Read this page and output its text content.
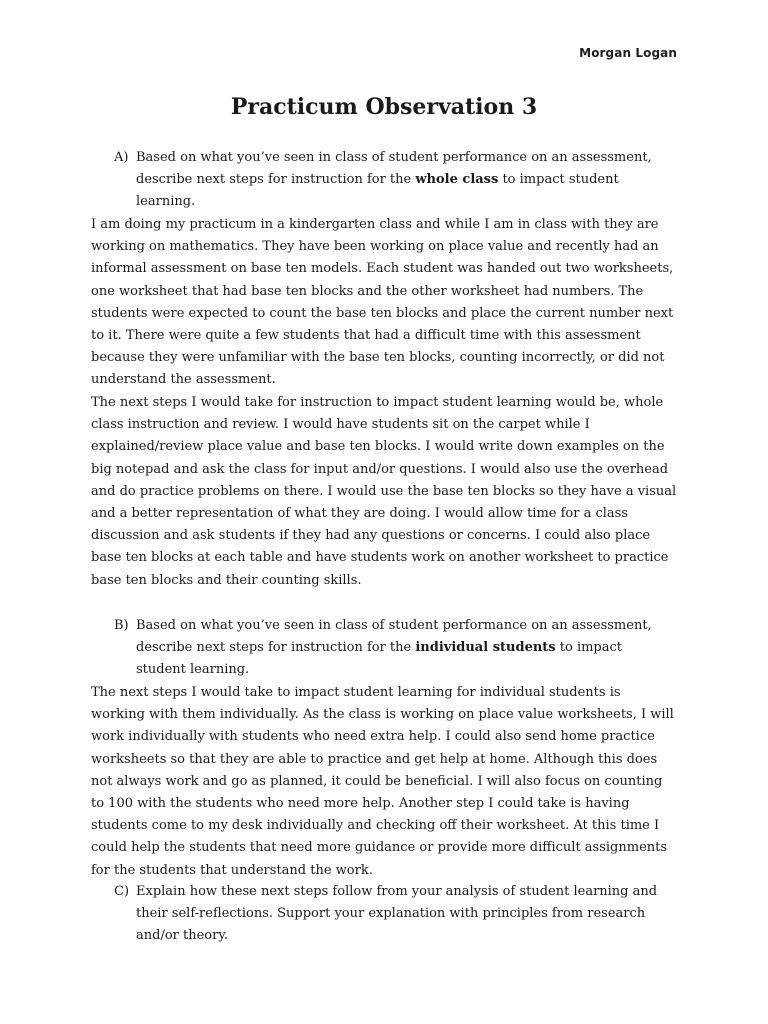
Morgan Logan
Practicum Observation 3
A) Based on what you’ve seen in class of student performance on an assessment, describe next steps for instruction for the whole class to impact student learning.

I am doing my practicum in a kindergarten class and while I am in class with they are working on mathematics. They have been working on place value and recently had an informal assessment on base ten models. Each student was handed out two worksheets, one worksheet that had base ten blocks and the other worksheet had numbers. The students were expected to count the base ten blocks and place the current number next to it. There were quite a few students that had a difficult time with this assessment because they were unfamiliar with the base ten blocks, counting incorrectly, or did not understand the assessment.

The next steps I would take for instruction to impact student learning would be, whole class instruction and review. I would have students sit on the carpet while I explained/review place value and base ten blocks. I would write down examples on the big notepad and ask the class for input and/or questions. I would also use the overhead and do practice problems on there. I would use the base ten blocks so they have a visual and a better representation of what they are doing. I would allow time for a class discussion and ask students if they had any questions or concerns. I could also place base ten blocks at each table and have students work on another worksheet to practice base ten blocks and their counting skills.

B) Based on what you’ve seen in class of student performance on an assessment, describe next steps for instruction for the individual students to impact student learning.

The next steps I would take to impact student learning for individual students is working with them individually. As the class is working on place value worksheets, I will work individually with students who need extra help. I could also send home practice worksheets so that they are able to practice and get help at home. Although this does not always work and go as planned, it could be beneficial. I will also focus on counting to 100 with the students who need more help. Another step I could take is having students come to my desk individually and checking off their worksheet. At this time I could help the students that need more guidance or provide more difficult assignments for the students that understand the work.

C) Explain how these next steps follow from your analysis of student learning and their self-reflections. Support your explanation with principles from research and/or theory.
